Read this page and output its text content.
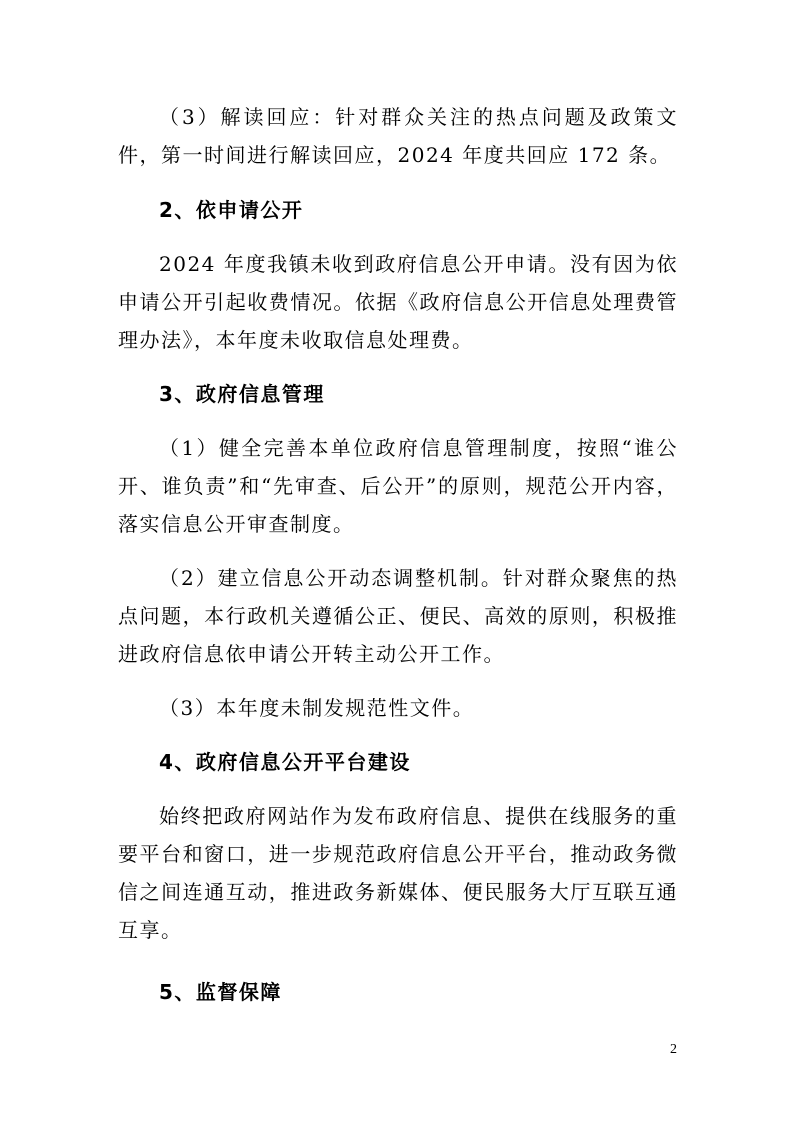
（3）解读回应：针对群众关注的热点问题及政策文件，第一时间进行解读回应，2024 年度共回应 172 条。

2、依申请公开

2024 年度我镇未收到政府信息公开申请。没有因为依申请公开引起收费情况。依据《政府信息公开信息处理费管理办法》，本年度未收取信息处理费。

3、政府信息管理

（1）健全完善本单位政府信息管理制度，按照“谁公开、谁负责”和“先审查、后公开”的原则，规范公开内容，落实信息公开审查制度。

（2）建立信息公开动态调整机制。针对群众聚焦的热点问题，本行政机关遵循公正、便民、高效的原则，积极推进政府信息依申请公开转主动公开工作。

（3）本年度未制发规范性文件。

4、政府信息公开平台建设

始终把政府网站作为发布政府信息、提供在线服务的重要平台和窗口，进一步规范政府信息公开平台，推动政务微信之间连通互动，推进政务新媒体、便民服务大厅互联互通互享。

5、监督保障

2
